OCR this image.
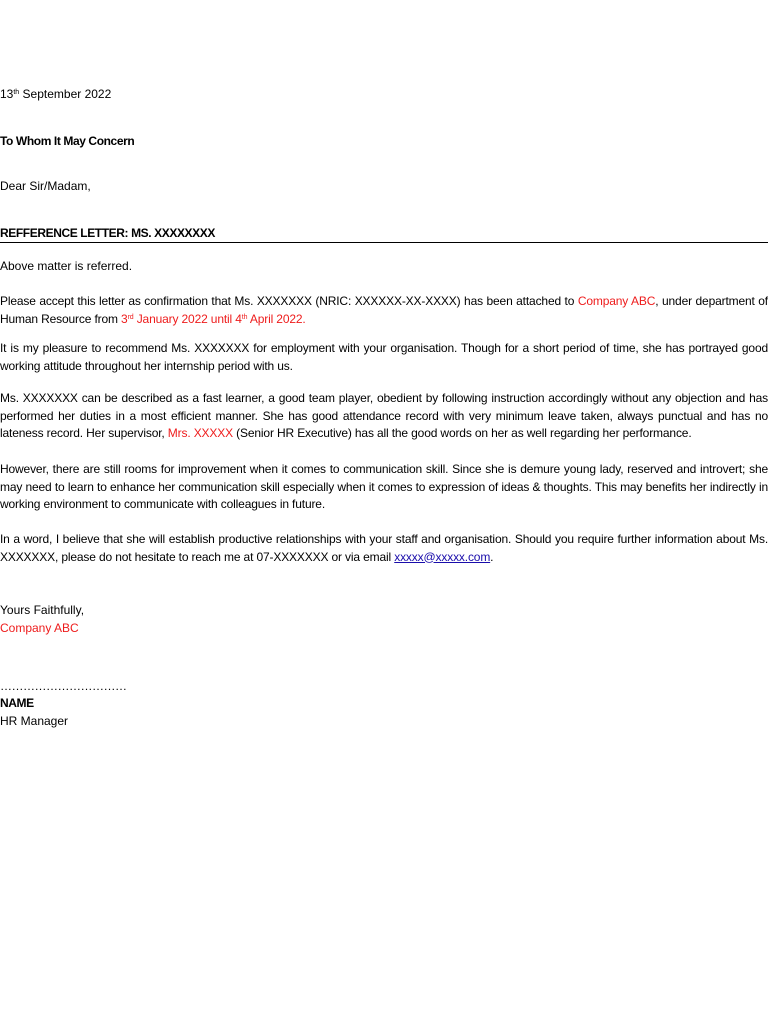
13th September 2022
To Whom It May Concern
Dear Sir/Madam,
REFFERENCE LETTER: MS. XXXXXXXX
Above matter is referred.
Please accept this letter as confirmation that Ms. XXXXXXX (NRIC: XXXXXX-XX-XXXX) has been attached to Company ABC, under department of Human Resource from 3rd January 2022 until 4th April 2022.
It is my pleasure to recommend Ms. XXXXXXX for employment with your organisation. Though for a short period of time, she has portrayed good working attitude throughout her internship period with us.
Ms. XXXXXXX can be described as a fast learner, a good team player, obedient by following instruction accordingly without any objection and has performed her duties in a most efficient manner. She has good attendance record with very minimum leave taken, always punctual and has no lateness record. Her supervisor, Mrs. XXXXX (Senior HR Executive) has all the good words on her as well regarding her performance.
However, there are still rooms for improvement when it comes to communication skill. Since she is demure young lady, reserved and introvert; she may need to learn to enhance her communication skill especially when it comes to expression of ideas & thoughts. This may benefits her indirectly in working environment to communicate with colleagues in future.
In a word, I believe that she will establish productive relationships with your staff and organisation. Should you require further information about Ms. XXXXXXX, please do not hesitate to reach me at 07-XXXXXXX or via email xxxxx@xxxxx.com.
Yours Faithfully,
Company ABC
……………………………
NAME
HR Manager
